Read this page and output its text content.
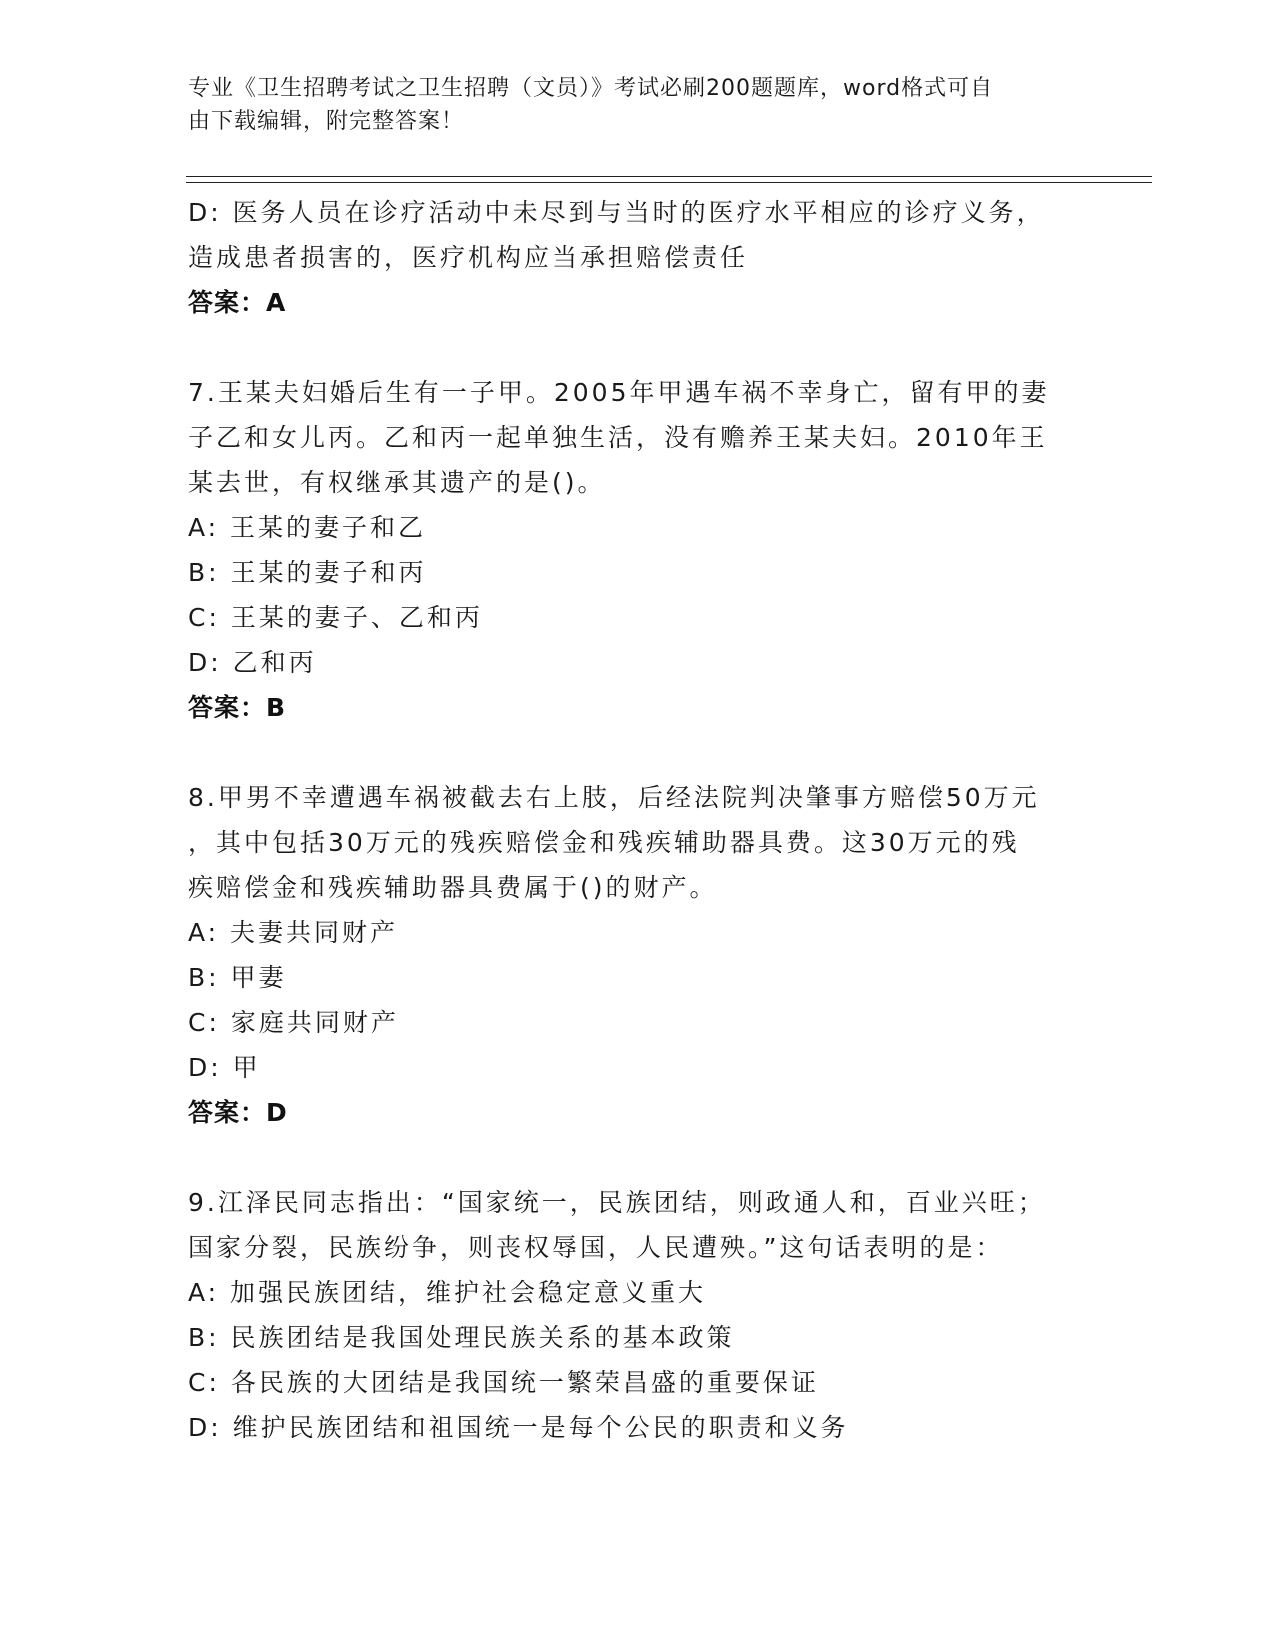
专业《卫生招聘考试之卫生招聘（文员）》考试必刷200题题库，word格式可自
由下载编辑，附完整答案！
D: 医务人员在诊疗活动中未尽到与当时的医疗水平相应的诊疗义务，
造成患者损害的，医疗机构应当承担赔偿责任
答案：A
7.王某夫妇婚后生有一子甲。2005年甲遇车祸不幸身亡，留有甲的妻
子乙和女儿丙。乙和丙一起单独生活，没有赡养王某夫妇。2010年王
某去世，有权继承其遗产的是()。
A: 王某的妻子和乙
B: 王某的妻子和丙
C: 王某的妻子、乙和丙
D: 乙和丙
答案：B
8.甲男不幸遭遇车祸被截去右上肢，后经法院判决肇事方赔偿50万元
，其中包括30万元的残疾赔偿金和残疾辅助器具费。这30万元的残
疾赔偿金和残疾辅助器具费属于()的财产。
A: 夫妻共同财产
B: 甲妻
C: 家庭共同财产
D: 甲
答案：D
9.江泽民同志指出：“国家统一，民族团结，则政通人和，百业兴旺；
国家分裂，民族纷争，则丧权辱国，人民遭殃。”这句话表明的是：
A: 加强民族团结，维护社会稳定意义重大
B: 民族团结是我国处理民族关系的基本政策
C: 各民族的大团结是我国统一繁荣昌盛的重要保证
D: 维护民族团结和祖国统一是每个公民的职责和义务
